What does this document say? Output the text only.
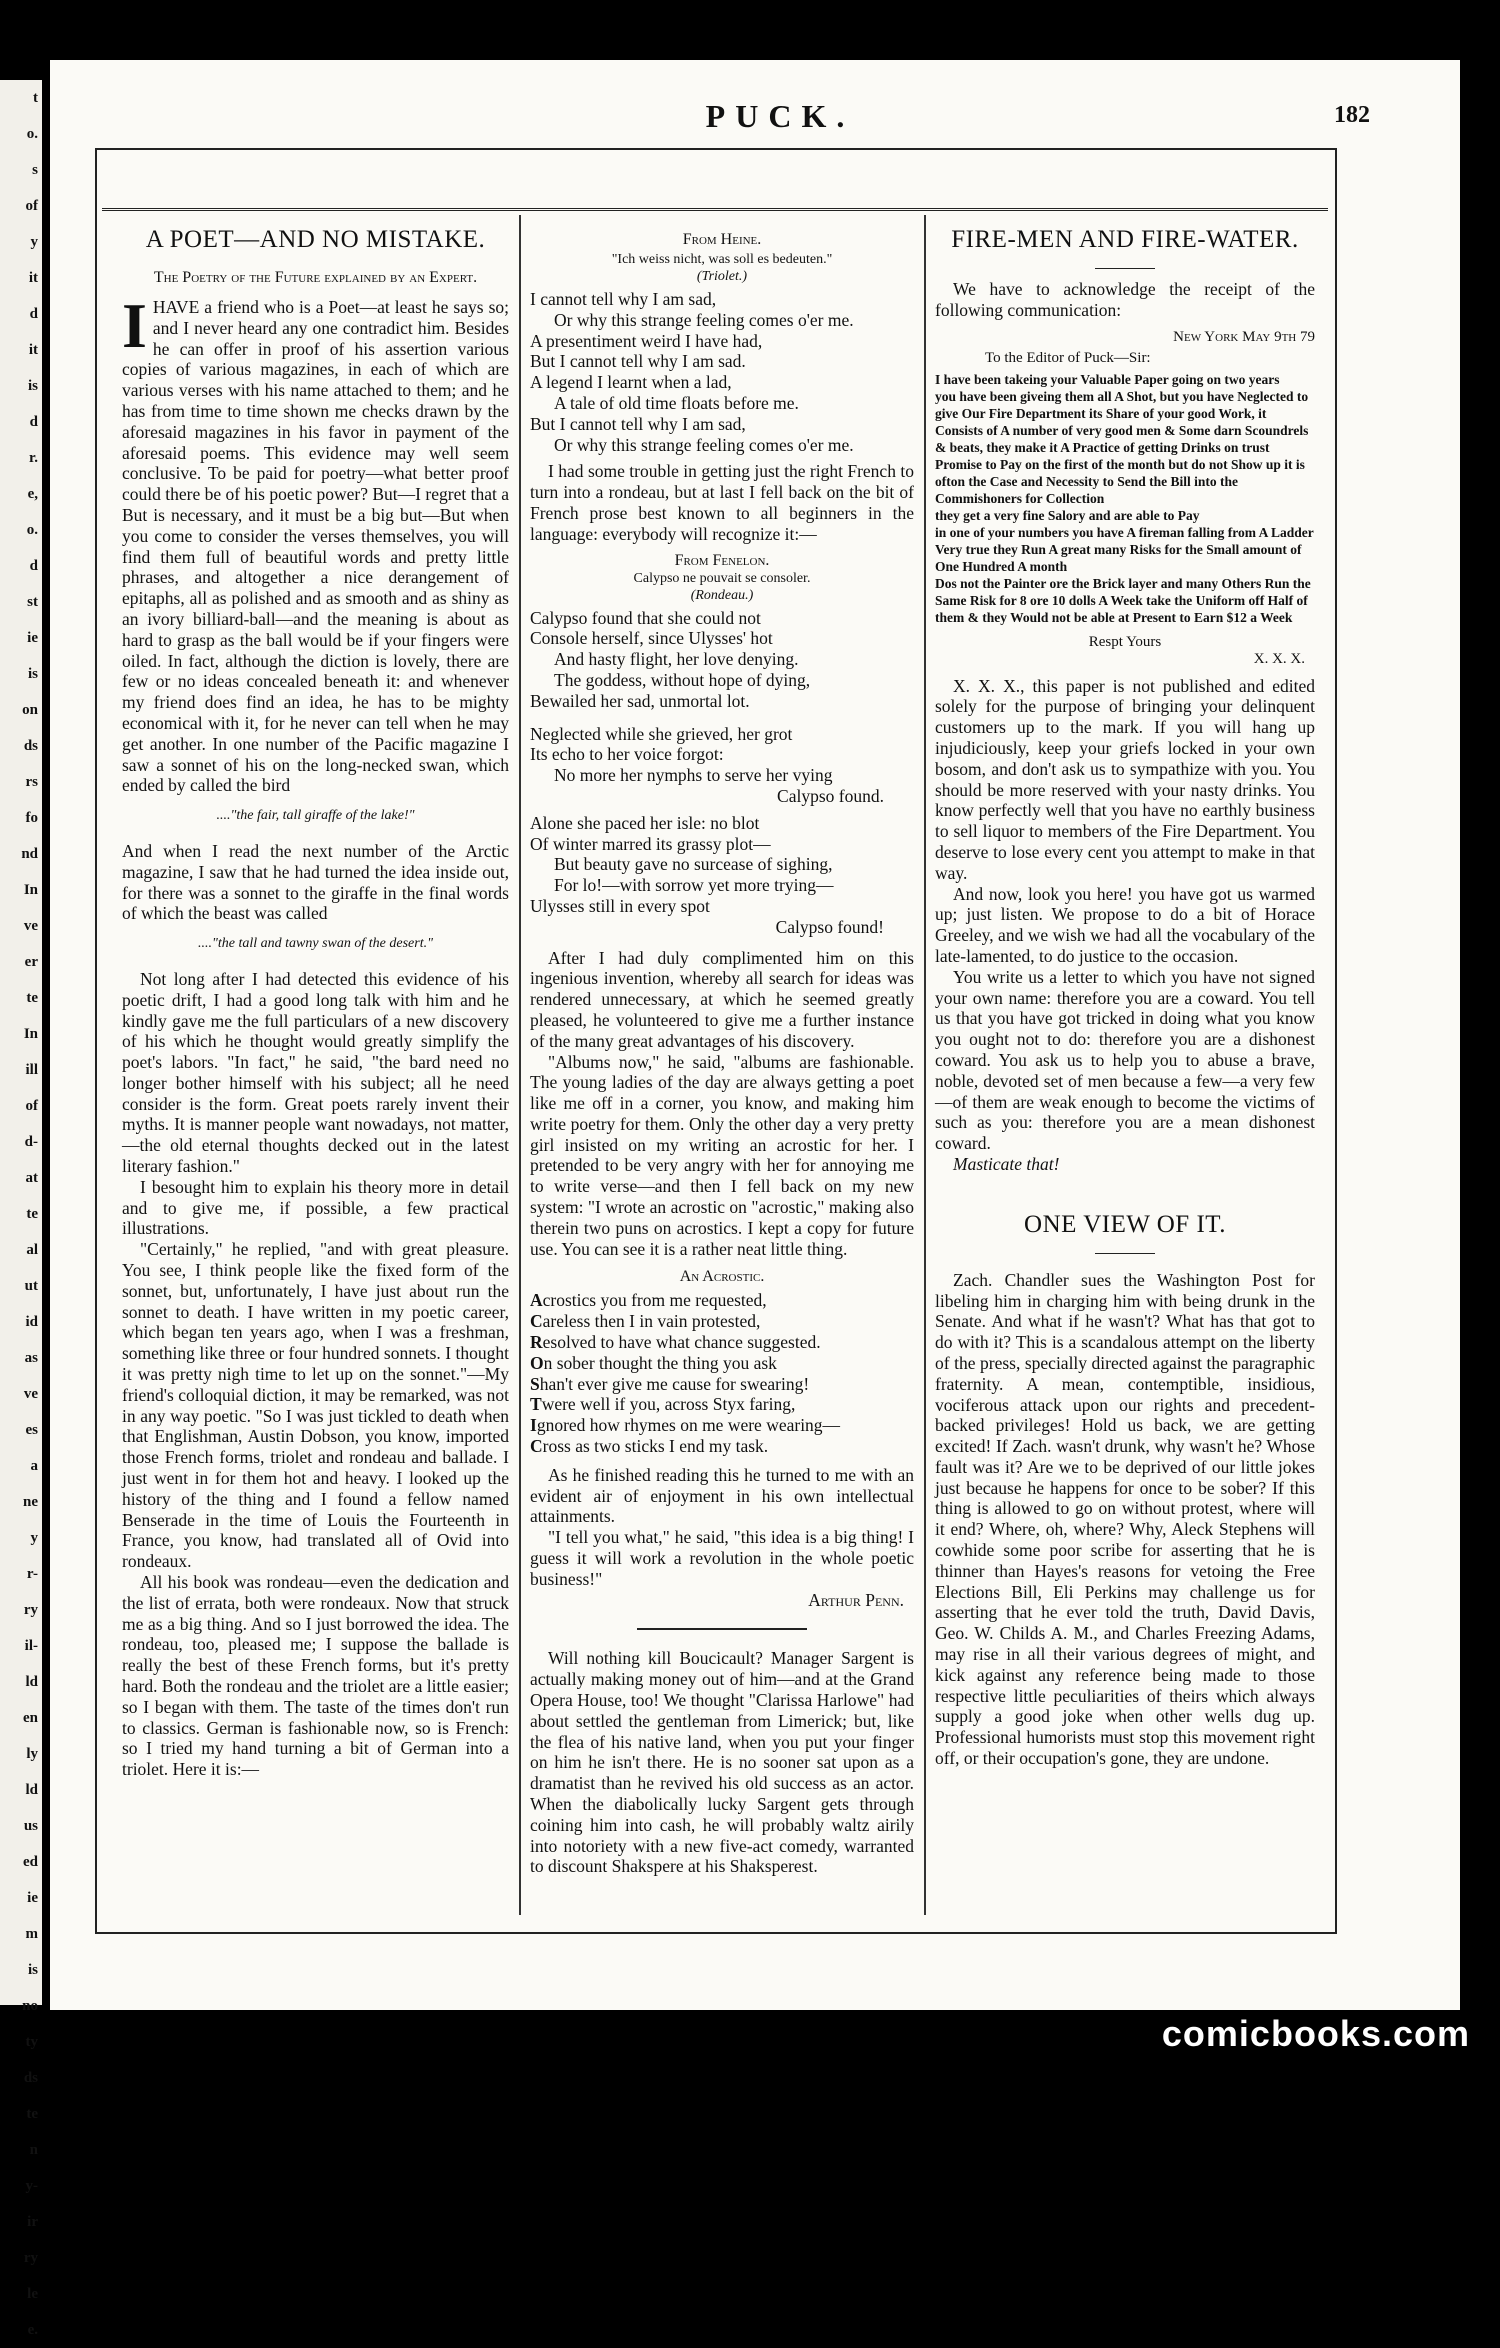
t
o.
s
of
y
it
d
it
is
d
r.
e,
o.
d
st
ie
is
on
ds
rs
fo
nd
In
ve
er
te
In
ill
of
d-
at
te
al
ut
id
as
ve
es
a
ne
y
r-
ry
il-
ld
en
ly
ld
us
ed
ie
m
is
no
ty
ds
te
n
y-
ir
ry
le
e.
PUCK.	182
A POET—AND NO MISTAKE.
The Poetry of the Future explained by an Expert.

IHAVE a friend who is a Poet—at least he says so; and I never heard any one contradict him. Besides he can offer in proof of his assertion various copies of various magazines, in each of which are various verses with his name attached to them; and he has from time to time shown me checks drawn by the aforesaid magazines in his favor in payment of the aforesaid poems. This evidence may well seem conclusive. To be paid for poetry—what better proof could there be of his poetic power? But—I regret that a But is necessary, and it must be a big but—But when you come to consider the verses themselves, you will find them full of beautiful words and pretty little phrases, and altogether a nice derangement of epitaphs, all as polished and as smooth and as shiny as an ivory billiard-ball—and the meaning is about as hard to grasp as the ball would be if your fingers were oiled. In fact, although the diction is lovely, there are few or no ideas concealed beneath it: and whenever my friend does find an idea, he has to be mighty economical with it, for he never can tell when he may get another. In one number of the Pacific magazine I saw a sonnet of his on the long-necked swan, which ended by called the bird

...."the fair, tall giraffe of the lake!"

And when I read the next number of the Arctic magazine, I saw that he had turned the idea inside out, for there was a sonnet to the giraffe in the final words of which the beast was called

...."the tall and tawny swan of the desert."

Not long after I had detected this evidence of his poetic drift, I had a good long talk with him and he kindly gave me the full particulars of a new discovery of his which he thought would greatly simplify the poet's labors. "In fact," he said, "the bard need no longer bother himself with his subject; all he need consider is the form. Great poets rarely invent their myths. It is manner people want nowadays, not matter,—the old eternal thoughts decked out in the latest literary fashion."

I besought him to explain his theory more in detail and to give me, if possible, a few practical illustrations.

"Certainly," he replied, "and with great pleasure. You see, I think people like the fixed form of the sonnet, but, unfortunately, I have just about run the sonnet to death. I have written in my poetic career, which began ten years ago, when I was a freshman, something like three or four hundred sonnets. I thought it was pretty nigh time to let up on the sonnet."—My friend's colloquial diction, it may be remarked, was not in any way poetic. "So I was just tickled to death when that Englishman, Austin Dobson, you know, imported those French forms, triolet and rondeau and ballade. I just went in for them hot and heavy. I looked up the history of the thing and I found a fellow named Benserade in the time of Louis the Fourteenth in France, you know, had translated all of Ovid into rondeaux.

All his book was rondeau—even the dedication and the list of errata, both were rondeaux. Now that struck me as a big thing. And so I just borrowed the idea. The rondeau, too, pleased me; I suppose the ballade is really the best of these French forms, but it's pretty hard. Both the rondeau and the triolet are a little easier; so I began with them. The taste of the times don't run to classics. German is fashionable now, so is French: so I tried my hand turning a bit of German into a triolet. Here it is:—

From Heine.
"Ich weiss nicht, was soll es bedeuten."
(Triolet.)
I cannot tell why I am sad,
Or why this strange feeling comes o'er me.
A presentiment weird I have had,
But I cannot tell why I am sad.
A legend I learnt when a lad,
A tale of old time floats before me.
But I cannot tell why I am sad,
Or why this strange feeling comes o'er me.

I had some trouble in getting just the right French to turn into a rondeau, but at last I fell back on the bit of French prose best known to all beginners in the language: everybody will recognize it:—

From Fenelon.
Calypso ne pouvait se consoler.
(Rondeau.)
Calypso found that she could not
Console herself, since Ulysses' hot
And hasty flight, her love denying.
The goddess, without hope of dying,
Bewailed her sad, unmortal lot.
Neglected while she grieved, her grot
Its echo to her voice forgot:
No more her nymphs to serve her vying
Calypso found.
Alone she paced her isle: no blot
Of winter marred its grassy plot—
But beauty gave no surcease of sighing,
For lo!—with sorrow yet more trying—
Ulysses still in every spot
Calypso found!

After I had duly complimented him on this ingenious invention, whereby all search for ideas was rendered unnecessary, at which he seemed greatly pleased, he volunteered to give me a further instance of the many great advantages of his discovery.

"Albums now," he said, "albums are fashionable. The young ladies of the day are always getting a poet like me off in a corner, you know, and making him write poetry for them. Only the other day a very pretty girl insisted on my writing an acrostic for her. I pretended to be very angry with her for annoying me to write verse—and then I fell back on my new system: "I wrote an acrostic on "acrostic," making also therein two puns on acrostics. I kept a copy for future use. You can see it is a rather neat little thing.

An Acrostic.
Acrostics you from me requested,
Careless then I in vain protested,
Resolved to have what chance suggested.
On sober thought the thing you ask
Shan't ever give me cause for swearing!
Twere well if you, across Styx faring,
Ignored how rhymes on me were wearing—
Cross as two sticks I end my task.

As he finished reading this he turned to me with an evident air of enjoyment in his own intellectual attainments.

"I tell you what," he said, "this idea is a big thing! I guess it will work a revolution in the whole poetic business!"

Arthur Penn.

Will nothing kill Boucicault? Manager Sargent is actually making money out of him—and at the Grand Opera House, too! We thought "Clarissa Harlowe" had about settled the gentleman from Limerick; but, like the flea of his native land, when you put your finger on him he isn't there. He is no sooner sat upon as a dramatist than he revived his old success as an actor. When the diabolically lucky Sargent gets through coining him into cash, he will probably waltz airily into notoriety with a new five-act comedy, warranted to discount Shakspere at his Shaksperest.

FIRE-MEN AND FIRE-WATER.

We have to acknowledge the receipt of the following communication:

New York May 9th 79
To the Editor of Puck—Sir:
I have been takeing your Valuable Paper going on two years
you have been giveing them all A Shot, but you have Neglected to give Our Fire Department its Share of your good Work, it Consists of A number of very good men & Some darn Scoundrels & beats, they make it A Practice of getting Drinks on trust Promise to Pay on the first of the month but do not Show up it is ofton the Case and Necessity to Send the Bill into the Commishoners for Collection
they get a very fine Salory and are able to Pay
in one of your numbers you have A fireman falling from A Ladder Very true they Run A great many Risks for the Small amount of One Hundred A month
Dos not the Painter ore the Brick layer and many Others Run the Same Risk for 8 ore 10 dolls A Week take the Uniform off Half of them & they Would not be able at Present to Earn $12 a Week
Respt Yours
X. X. X.

X. X. X., this paper is not published and edited solely for the purpose of bringing your delinquent customers up to the mark. If you will hang up injudiciously, keep your griefs locked in your own bosom, and don't ask us to sympathize with you. You should be more reserved with your nasty drinks. You know perfectly well that you have no earthly business to sell liquor to members of the Fire Department. You deserve to lose every cent you attempt to make in that way.

And now, look you here! you have got us warmed up; just listen. We propose to do a bit of Horace Greeley, and we wish we had all the vocabulary of the late-lamented, to do justice to the occasion.

You write us a letter to which you have not signed your own name: therefore you are a coward. You tell us that you have got tricked in doing what you know you ought not to do: therefore you are a dishonest coward. You ask us to help you to abuse a brave, noble, devoted set of men because a few—a very few—of them are weak enough to become the victims of such as you: therefore you are a mean dishonest coward.

Masticate that!

ONE VIEW OF IT.

Zach. Chandler sues the Washington Post for libeling him in charging him with being drunk in the Senate. And what if he wasn't? What has that got to do with it? This is a scandalous attempt on the liberty of the press, specially directed against the paragraphic fraternity. A mean, contemptible, insidious, vociferous attack upon our rights and precedent-backed privileges! Hold us back, we are getting excited! If Zach. wasn't drunk, why wasn't he? Whose fault was it? Are we to be deprived of our little jokes just because he happens for once to be sober? If this thing is allowed to go on without protest, where will it end? Where, oh, where? Why, Aleck Stephens will cowhide some poor scribe for asserting that he is thinner than Hayes's reasons for vetoing the Free Elections Bill, Eli Perkins may challenge us for asserting that he ever told the truth, David Davis, Geo. W. Childs A. M., and Charles Freezing Adams, may rise in all their various degrees of might, and kick against any reference being made to those respective little peculiarities of theirs which always supply a good joke when other wells dug up. Professional humorists must stop this movement right off, or their occupation's gone, they are undone.

comicbooks.com
